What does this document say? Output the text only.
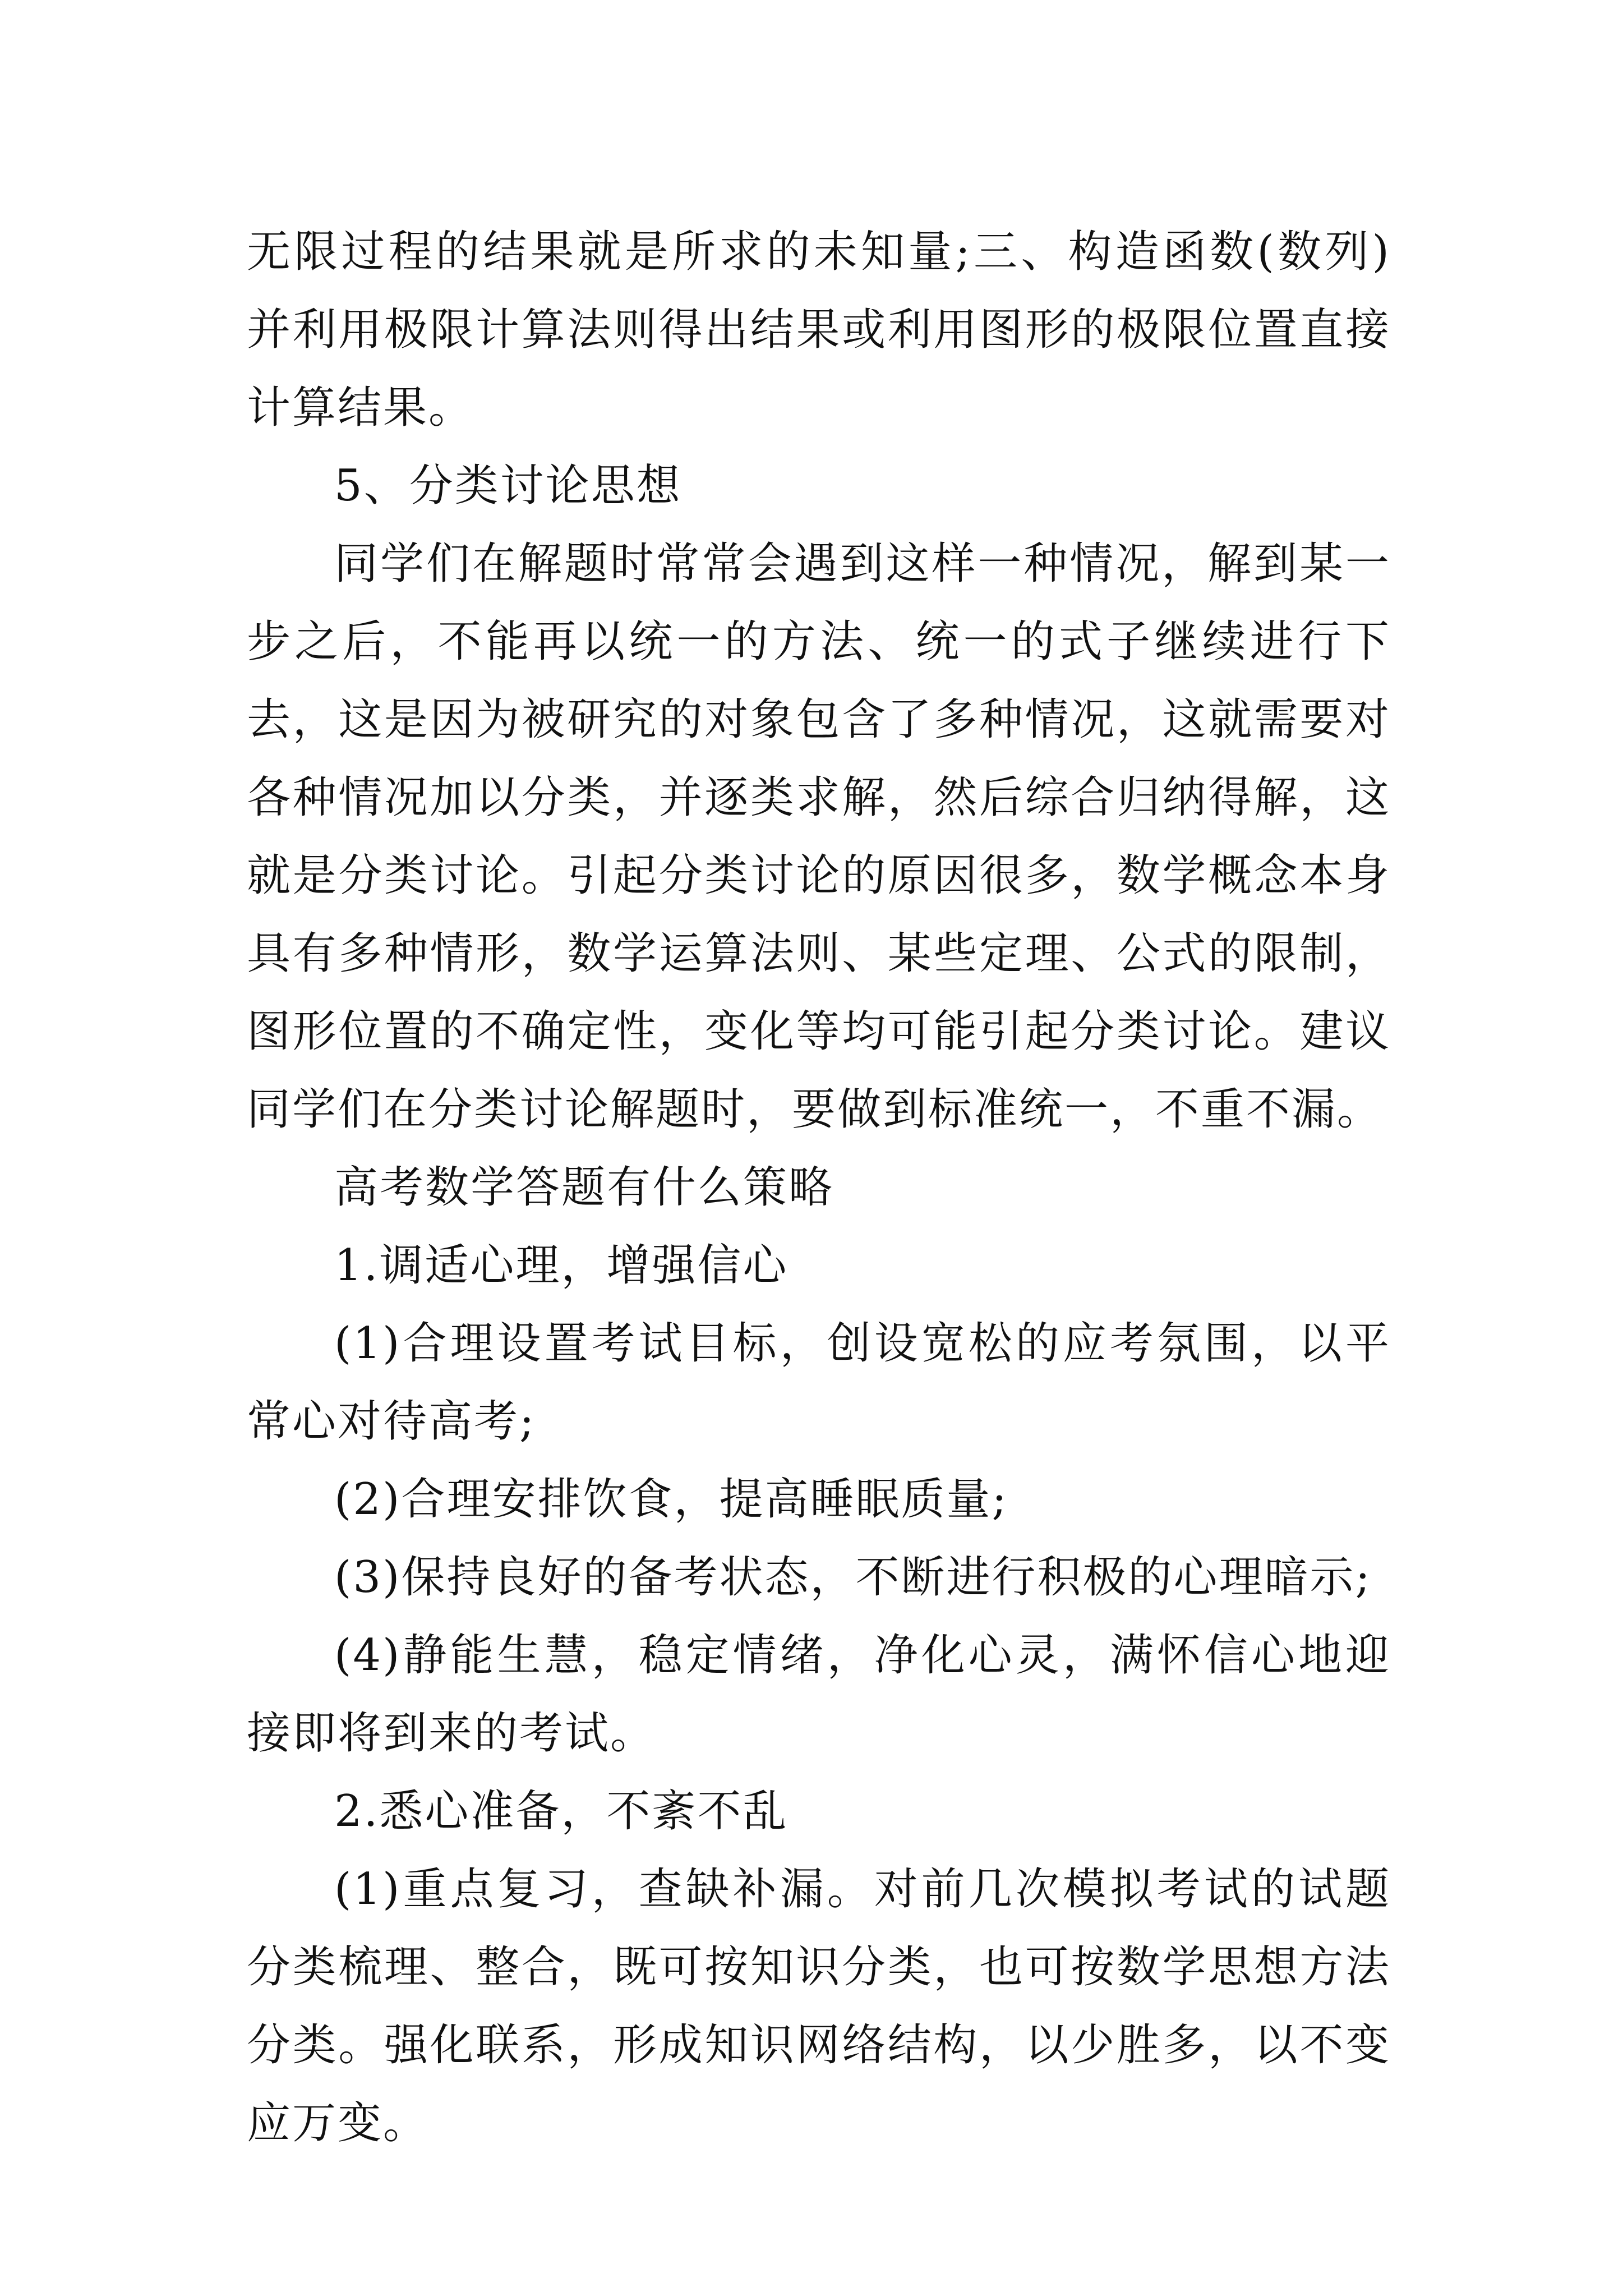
无限过程的结果就是所求的未知量;三、构造函数(数列)并利用极限计算法则得出结果或利用图形的极限位置直接计算结果。

5、分类讨论思想

同学们在解题时常常会遇到这样一种情况，解到某一步之后，不能再以统一的方法、统一的式子继续进行下去，这是因为被研究的对象包含了多种情况，这就需要对各种情况加以分类，并逐类求解，然后综合归纳得解，这就是分类讨论。引起分类讨论的原因很多，数学概念本身具有多种情形，数学运算法则、某些定理、公式的限制，图形位置的不确定性，变化等均可能引起分类讨论。建议同学们在分类讨论解题时，要做到标准统一，不重不漏。

高考数学答题有什么策略

1.调适心理，增强信心

(1)合理设置考试目标，创设宽松的应考氛围，以平常心对待高考;

(2)合理安排饮食，提高睡眠质量;

(3)保持良好的备考状态，不断进行积极的心理暗示;

(4)静能生慧，稳定情绪，净化心灵，满怀信心地迎接即将到来的考试。

2.悉心准备，不紊不乱

(1)重点复习，查缺补漏。对前几次模拟考试的试题分类梳理、整合，既可按知识分类，也可按数学思想方法分类。强化联系，形成知识网络结构，以少胜多，以不变应万变。
